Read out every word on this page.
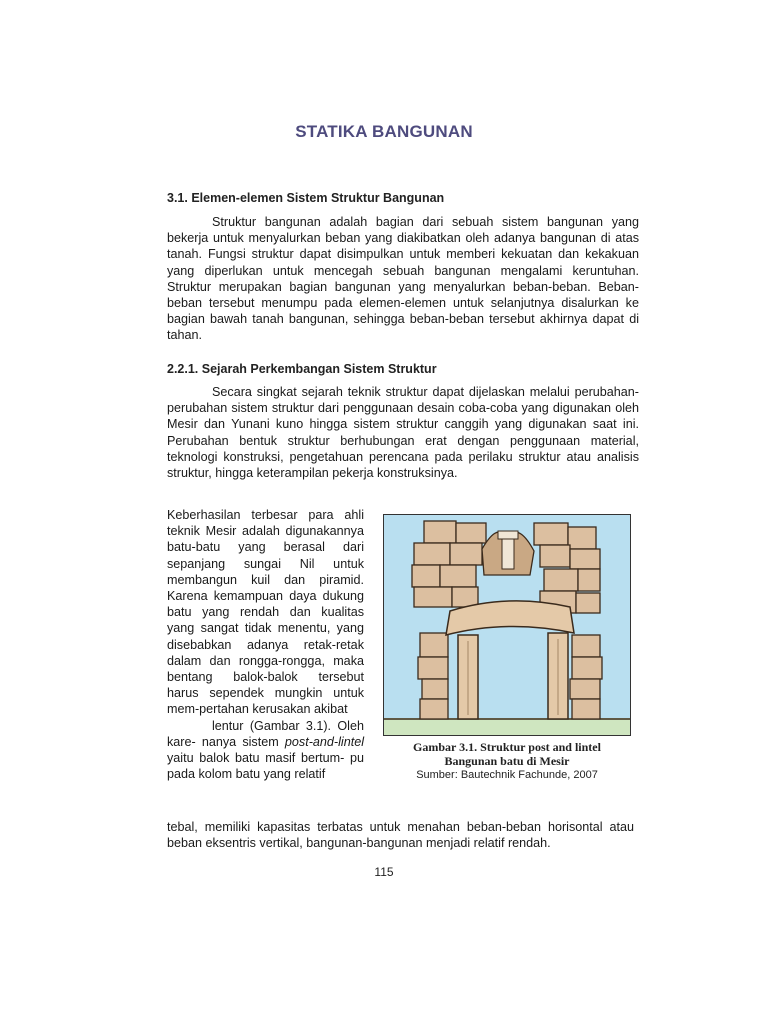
STATIKA BANGUNAN
3.1. Elemen-elemen Sistem Struktur Bangunan

Struktur bangunan adalah bagian dari sebuah sistem bangunan yang bekerja untuk menyalurkan beban yang diakibatkan oleh adanya bangunan di atas tanah. Fungsi struktur dapat disimpulkan untuk memberi kekuatan dan kekakuan yang diperlukan untuk mencegah sebuah bangunan mengalami keruntuhan. Struktur merupakan bagian bangunan yang menyalurkan beban-beban. Beban-beban tersebut menumpu pada elemen-elemen untuk selanjutnya disalurkan ke bagian bawah tanah bangunan, sehingga beban-beban tersebut akhirnya dapat di tahan.

2.2.1. Sejarah Perkembangan Sistem Struktur

Secara singkat sejarah teknik struktur dapat dijelaskan melalui perubahan-perubahan sistem struktur dari penggunaan desain coba-coba yang digunakan oleh Mesir dan Yunani kuno hingga sistem struktur canggih yang digunakan saat ini. Perubahan bentuk struktur berhubungan erat dengan penggunaan material, teknologi konstruksi, pengetahuan perencana pada perilaku struktur atau analisis struktur, hingga keterampilan pekerja konstruksinya.

Keberhasilan terbesar para ahli teknik Mesir adalah digunakannya batu-batu yang berasal dari sepanjang sungai Nil untuk membangun kuil dan piramid. Karena kemampuan daya dukung batu yang rendah dan kualitas yang sangat tidak menentu, yang disebabkan adanya retak-retak dalam dan rongga-rongga, maka bentang balok-balok tersebut harus sependek mungkin untuk mem-pertahan kerusakan akibat
lentur (Gambar 3.1). Oleh kare- nanya sistem post-and-lintel yaitu balok batu masif bertum- pu pada kolom batu yang relatif

Gambar 3.1. Struktur post and lintel
Bangunan batu di Mesir
Sumber: Bautechnik Fachunde, 2007

tebal, memiliki kapasitas terbatas untuk menahan beban-beban horisontal atau beban eksentris vertikal, bangunan-bangunan menjadi relatif rendah.

115
